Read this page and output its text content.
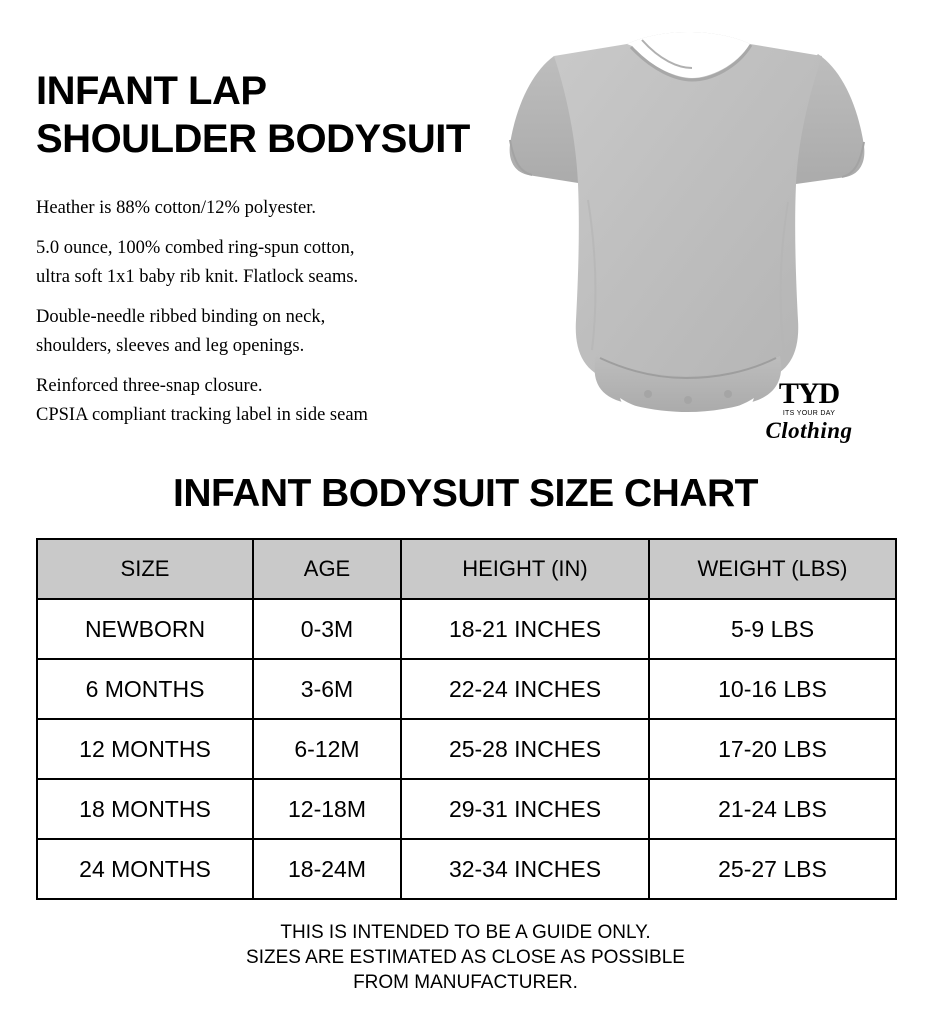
INFANT LAP
SHOULDER BODYSUIT

Heather is 88% cotton/12% polyester.

5.0 ounce, 100% combed ring-spun cotton,

ultra soft 1x1 baby rib knit. Flatlock seams.

Double-needle ribbed binding on neck,

shoulders, sleeves and leg openings.

Reinforced three-snap closure.

CPSIA compliant tracking label in side seam

TYD
ITS YOUR DAY
Clothing
INFANT BODYSUIT SIZE CHART
SIZE	AGE	HEIGHT (IN)	WEIGHT (LBS)
NEWBORN	0-3M	18-21 INCHES	5-9 LBS
6 MONTHS	3-6M	22-24 INCHES	10-16 LBS
12 MONTHS	6-12M	25-28 INCHES	17-20 LBS
18 MONTHS	12-18M	29-31 INCHES	21-24 LBS
24 MONTHS	18-24M	32-34 INCHES	25-27 LBS
THIS IS INTENDED TO BE A GUIDE ONLY.
SIZES ARE ESTIMATED AS CLOSE AS POSSIBLE
FROM MANUFACTURER.
